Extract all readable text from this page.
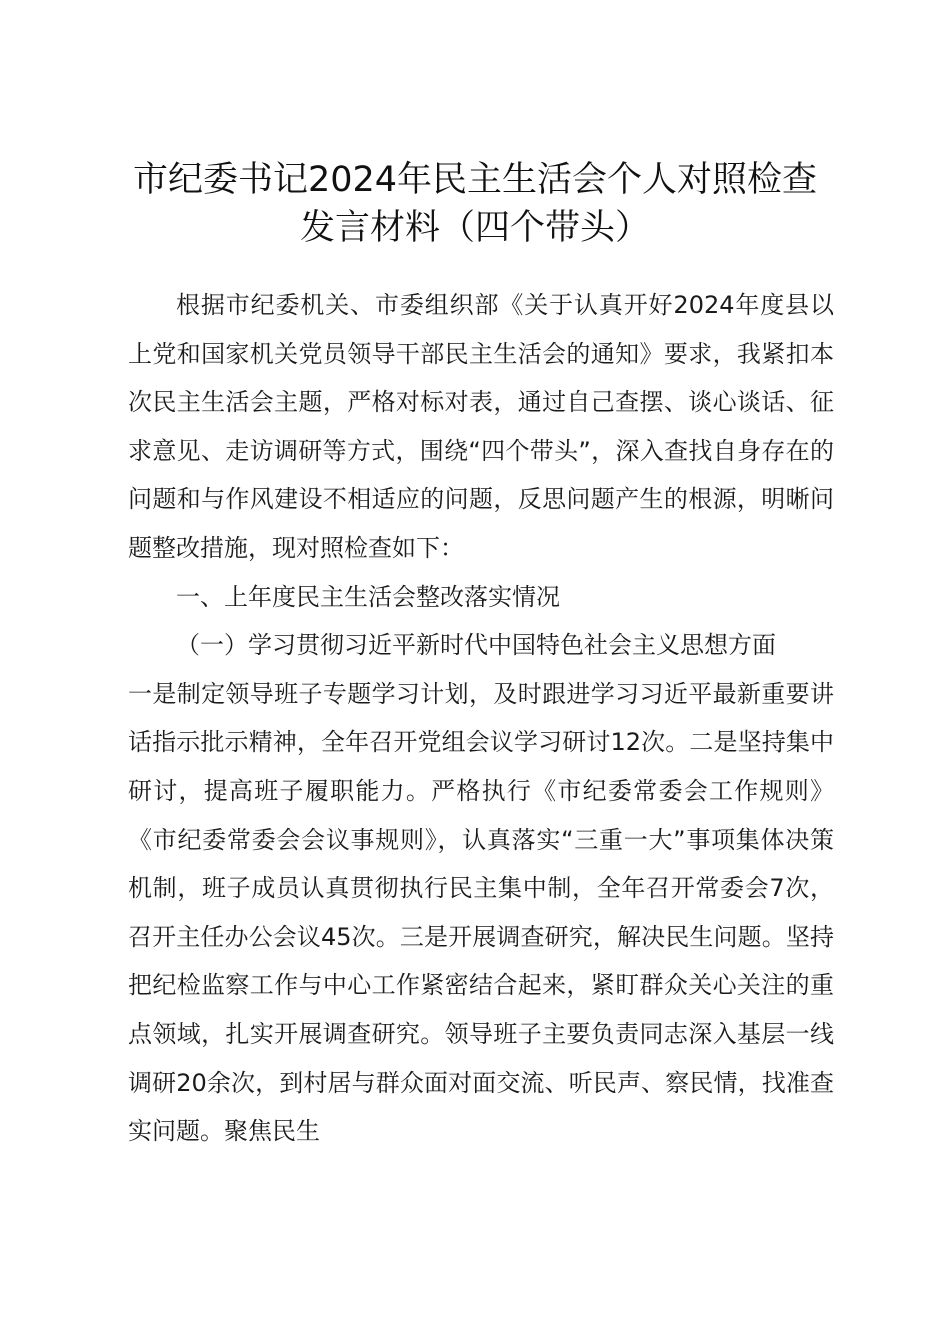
市纪委书记2024年民主生活会个人对照检查
发言材料（四个带头）

根据市纪委机关、市委组织部《关于认真开好2024年度县以上党和国家机关党员领导干部民主生活会的通知》要求，我紧扣本次民主生活会主题，严格对标对表，通过自己查摆、谈心谈话、征求意见、走访调研等方式，围绕“四个带头”，深入查找自身存在的问题和与作风建设不相适应的问题，反思问题产生的根源，明晰问题整改措施，现对照检查如下：

一、上年度民主生活会整改落实情况

（一）学习贯彻习近平新时代中国特色社会主义思想方面

一是制定领导班子专题学习计划，及时跟进学习习近平最新重要讲话指示批示精神，全年召开党组会议学习研讨12次。二是坚持集中研讨，提高班子履职能力。严格执行《市纪委常委会工作规则》《市纪委常委会会议事规则》，认真落实“三重一大”事项集体决策机制，班子成员认真贯彻执行民主集中制，全年召开常委会7次，召开主任办公会议45次。三是开展调查研究，解决民生问题。坚持把纪检监察工作与中心工作紧密结合起来，紧盯群众关心关注的重点领域，扎实开展调查研究。领导班子主要负责同志深入基层一线调研20余次，到村居与群众面对面交流、听民声、察民情，找准查实问题。聚焦民生
